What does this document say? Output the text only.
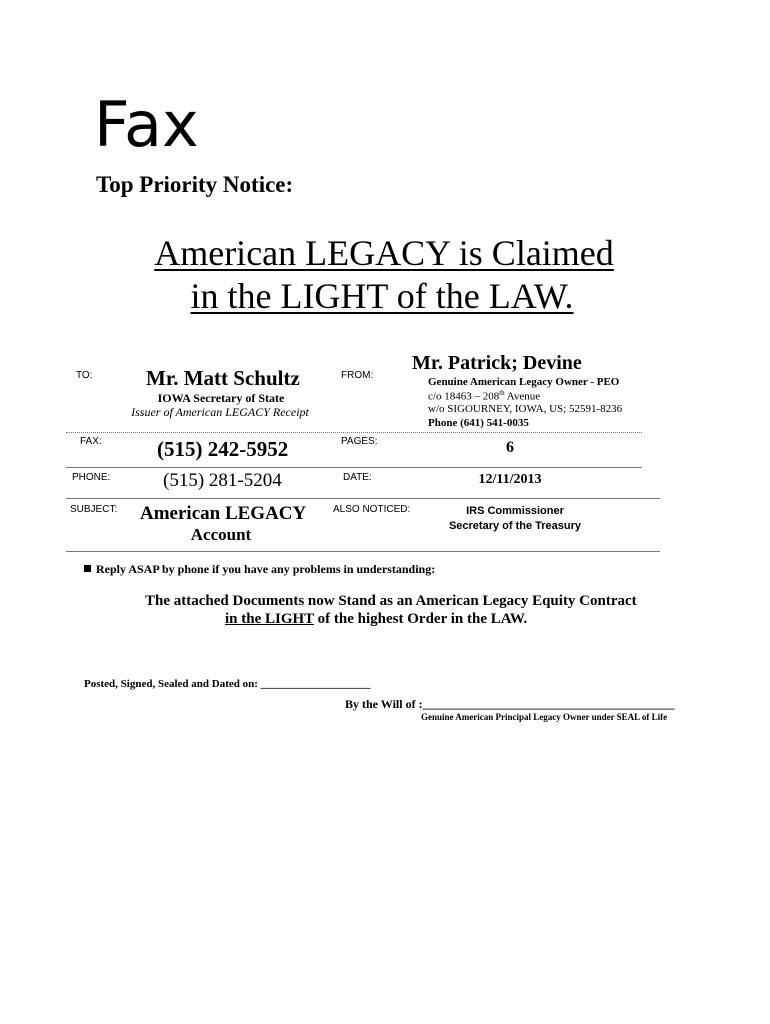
Fax
Top Priority Notice:
American LEGACY is Claimed
in the LIGHT of the LAW.
TO:	Mr. Matt Schultz
IOWA Secretary of State
Issuer of American LEGACY Receipt
FROM:
Mr. Patrick; Devine
Genuine American Legacy Owner - PEO
c/o 18463 – 208th Avenue
w/o SIGOURNEY, IOWA, US; 52591-8236
Phone (641) 541-0035
FAX:	(515) 242-5952	PAGES:	6
PHONE:	(515) 281-5204	DATE:	12/11/2013
SUBJECT: American LEGACY
Account
ALSO NOTICED:	IRS Commissioner
Secretary of the Treasury
Reply ASAP by phone if you have any problems in understanding:
The attached Documents now Stand as an American Legacy Equity Contract
in the LIGHT of the highest Order in the LAW.
Posted, Signed, Sealed and Dated on: ____________________
By the Will of :__________________________________________
Genuine American Principal Legacy Owner under SEAL of Life
